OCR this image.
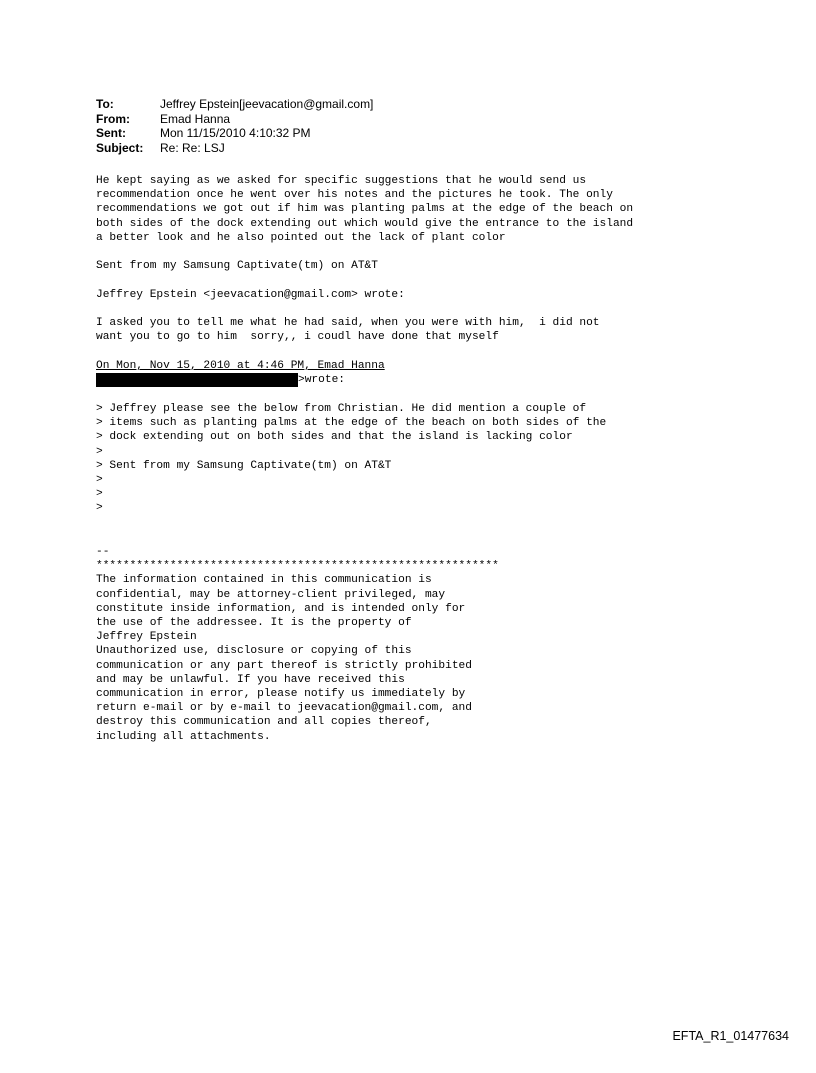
To:	Jeffrey Epstein[jeevacation@gmail.com]
From:	Emad Hanna
Sent:	Mon 11/15/2010 4:10:32 PM
Subject:	Re: Re: LSJ
He kept saying as we asked for specific suggestions that he would send us
recommendation once he went over his notes and the pictures he took. The only
recommendations we got out if him was planting palms at the edge of the beach on
both sides of the dock extending out which would give the entrance to the island
a better look and he also pointed out the lack of plant color
Sent from my Samsung Captivate(tm) on AT&T
Jeffrey Epstein <jeevacation@gmail.com> wrote:
I asked you to tell me what he had said, when you were with him,  i did not
want you to go to him  sorry,, i coudl have done that myself
On Mon, Nov 15, 2010 at 4:46 PM, Emad Hanna
>wrote:
> Jeffrey please see the below from Christian. He did mention a couple of
> items such as planting palms at the edge of the beach on both sides of the
> dock extending out on both sides and that the island is lacking color
>
> Sent from my Samsung Captivate(tm) on AT&T
>
>
>
--
************************************************************
The information contained in this communication is
confidential, may be attorney-client privileged, may
constitute inside information, and is intended only for
the use of the addressee. It is the property of
Jeffrey Epstein
Unauthorized use, disclosure or copying of this
communication or any part thereof is strictly prohibited
and may be unlawful. If you have received this
communication in error, please notify us immediately by
return e-mail or by e-mail to jeevacation@gmail.com, and
destroy this communication and all copies thereof,
including all attachments.
EFTA_R1_01477634
